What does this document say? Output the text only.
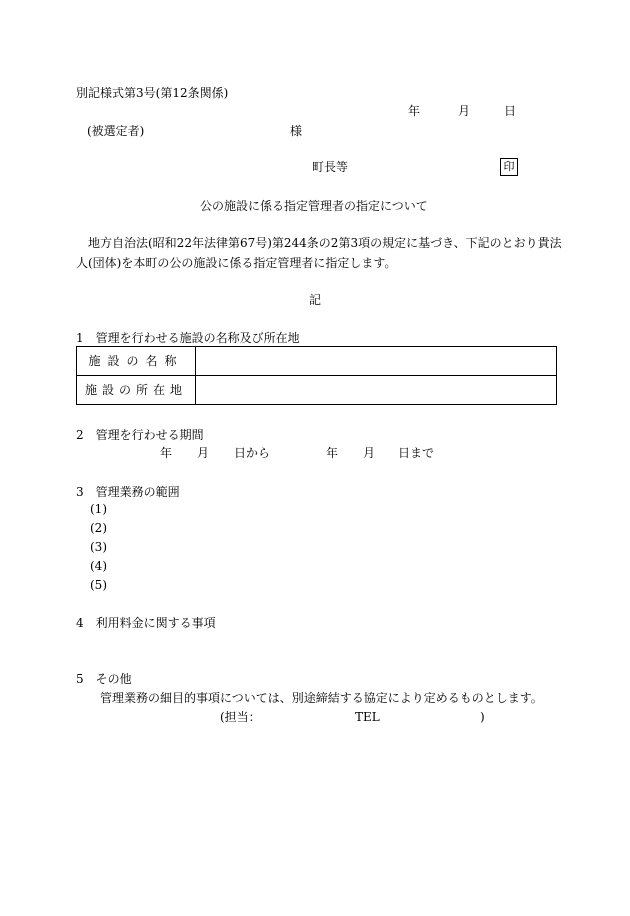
別記様式第3号(第12条関係)
年	月	日
(被選定者)	様
町長等	印
公の施設に係る指定管理者の指定について
地方自治法(昭和22年法律第67号)第244条の2第3項の規定に基づき、下記のとおり貴法
人(団体)を本町の公の施設に係る指定管理者に指定します。
記
1　管理を行わせる施設の名称及び所在地
施設の名称	
施設の所在地	
2　管理を行わせる期間
年 月 日から	年 月 日まで
3　管理業務の範囲
(1)
(2)
(3)
(4)
(5)
4　利用料金に関する事項
5　その他
管理業務の細目的事項については、別途締結する協定により定めるものとします。
(担当：	TEL	)
